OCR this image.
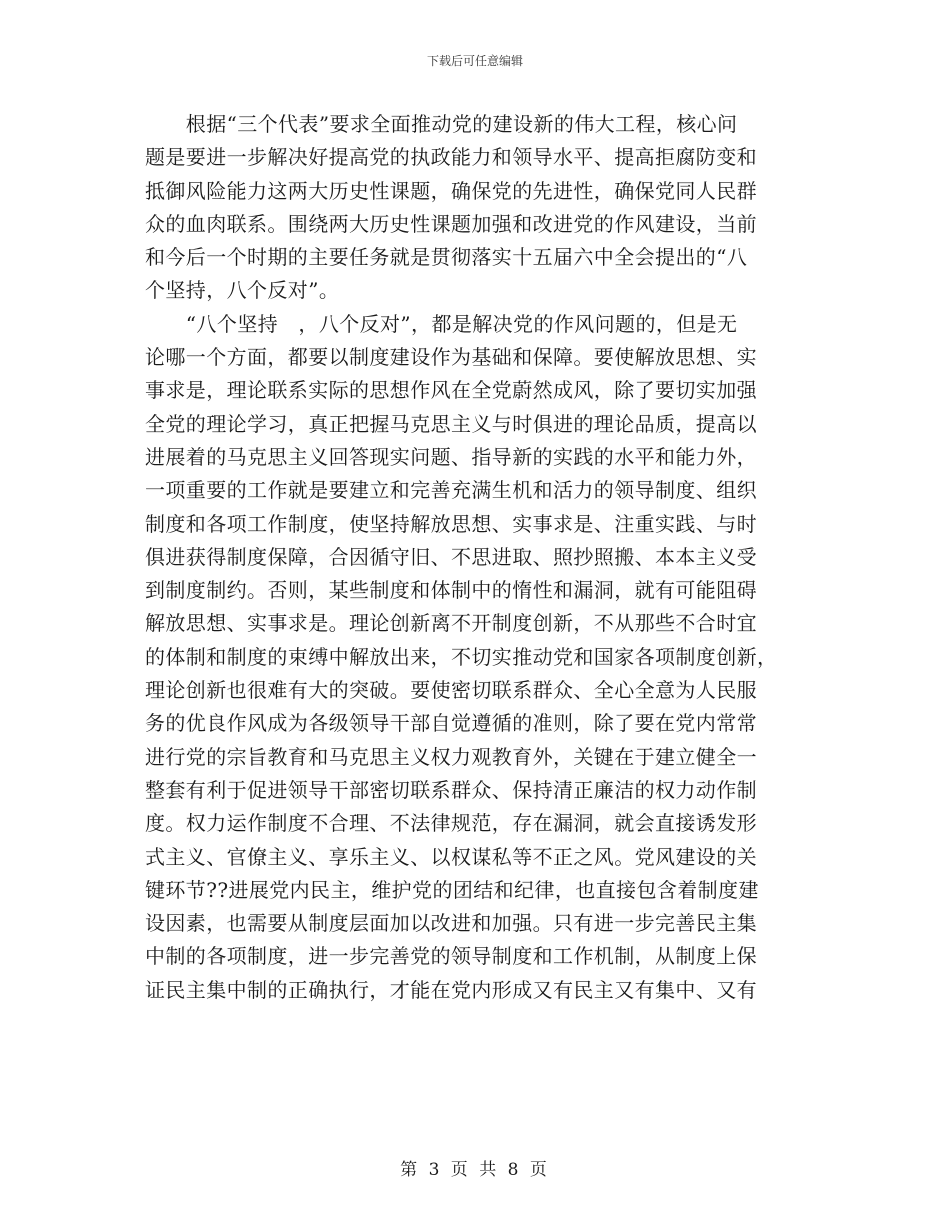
下载后可任意编辑
　　根据“三个代表”要求全面推动党的建设新的伟大工程，核心问
题是要进一步解决好提高党的执政能力和领导水平、提高拒腐防变和
抵御风险能力这两大历史性课题，确保党的先进性，确保党同人民群
众的血肉联系。围绕两大历史性课题加强和改进党的作风建设，当前
和今后一个时期的主要任务就是贯彻落实十五届六中全会提出的“八
个坚持，八个反对”。
　　“八个坚持　，八个反对”，都是解决党的作风问题的，但是无
论哪一个方面，都要以制度建设作为基础和保障。要使解放思想、实
事求是，理论联系实际的思想作风在全党蔚然成风，除了要切实加强
全党的理论学习，真正把握马克思主义与时俱进的理论品质，提高以
进展着的马克思主义回答现实问题、指导新的实践的水平和能力外，
一项重要的工作就是要建立和完善充满生机和活力的领导制度、组织
制度和各项工作制度，使坚持解放思想、实事求是、注重实践、与时
俱进获得制度保障，合因循守旧、不思进取、照抄照搬、本本主义受
到制度制约。否则，某些制度和体制中的惰性和漏洞，就有可能阻碍
解放思想、实事求是。理论创新离不开制度创新，不从那些不合时宜
的体制和制度的束缚中解放出来，不切实推动党和国家各项制度创新，
理论创新也很难有大的突破。要使密切联系群众、全心全意为人民服
务的优良作风成为各级领导干部自觉遵循的准则，除了要在党内常常
进行党的宗旨教育和马克思主义权力观教育外，关键在于建立健全一
整套有利于促进领导干部密切联系群众、保持清正廉洁的权力动作制
度。权力运作制度不合理、不法律规范，存在漏洞，就会直接诱发形
式主义、官僚主义、享乐主义、以权谋私等不正之风。党风建设的关
键环节??进展党内民主，维护党的团结和纪律，也直接包含着制度建
设因素，也需要从制度层面加以改进和加强。只有进一步完善民主集
中制的各项制度，进一步完善党的领导制度和工作机制，从制度上保
证民主集中制的正确执行，才能在党内形成又有民主又有集中、又有
第 3 页 共 8 页
